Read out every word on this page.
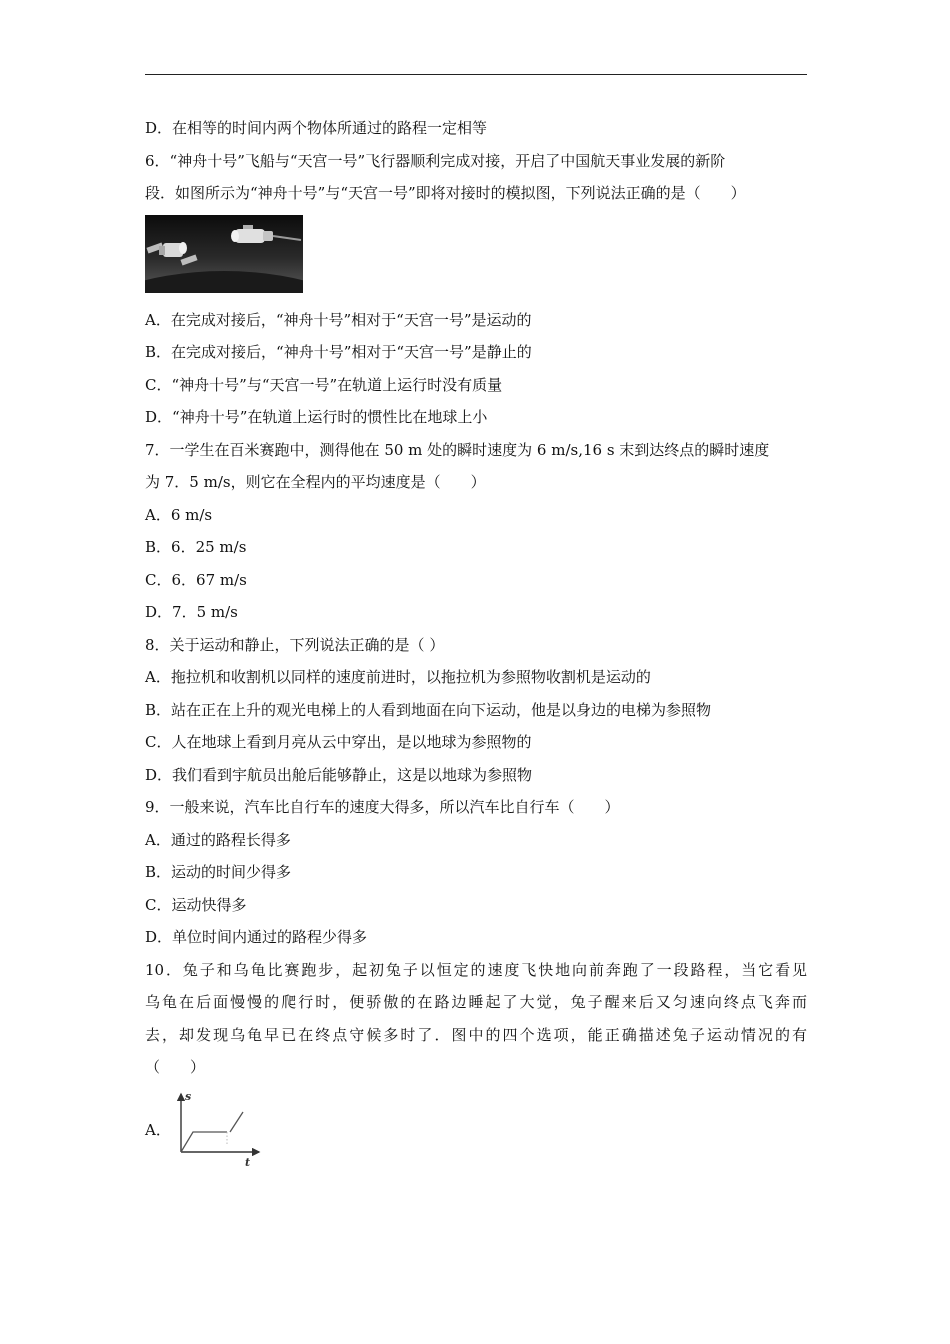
D．在相等的时间内两个物体所通过的路程一定相等
6．“神舟十号”飞船与“天宫一号”飞行器顺利完成对接，开启了中国航天事业发展的新阶
段．如图所示为“神舟十号”与“天宫一号”即将对接时的模拟图，下列说法正确的是（　　）
A．在完成对接后，“神舟十号”相对于“天宫一号”是运动的
B．在完成对接后，“神舟十号”相对于“天宫一号”是静止的
C．“神舟十号”与“天宫一号”在轨道上运行时没有质量
D．“神舟十号”在轨道上运行时的惯性比在地球上小
7．一学生在百米赛跑中，测得他在 50 m 处的瞬时速度为 6 m/s,16 s 末到达终点的瞬时速度
为 7．5 m/s，则它在全程内的平均速度是（　　）
A．6 m/s
B．6．25 m/s
C．6．67 m/s
D．7．5 m/s
8．关于运动和静止，下列说法正确的是（ ）
A．拖拉机和收割机以同样的速度前进时，以拖拉机为参照物收割机是运动的
B．站在正在上升的观光电梯上的人看到地面在向下运动，他是以身边的电梯为参照物
C．人在地球上看到月亮从云中穿出，是以地球为参照物的
D．我们看到宇航员出舱后能够静止，这是以地球为参照物
9．一般来说，汽车比自行车的速度大得多，所以汽车比自行车（　　）
A．通过的路程长得多
B．运动的时间少得多
C．运动快得多
D．单位时间内通过的路程少得多
10．兔子和乌龟比赛跑步，起初兔子以恒定的速度飞快地向前奔跑了一段路程，当它看见
乌龟在后面慢慢的爬行时，便骄傲的在路边睡起了大觉，兔子醒来后又匀速向终点飞奔而
去，却发现乌龟早已在终点守候多时了．图中的四个选项，能正确描述兔子运动情况的有
（　　）
A．
s
t
